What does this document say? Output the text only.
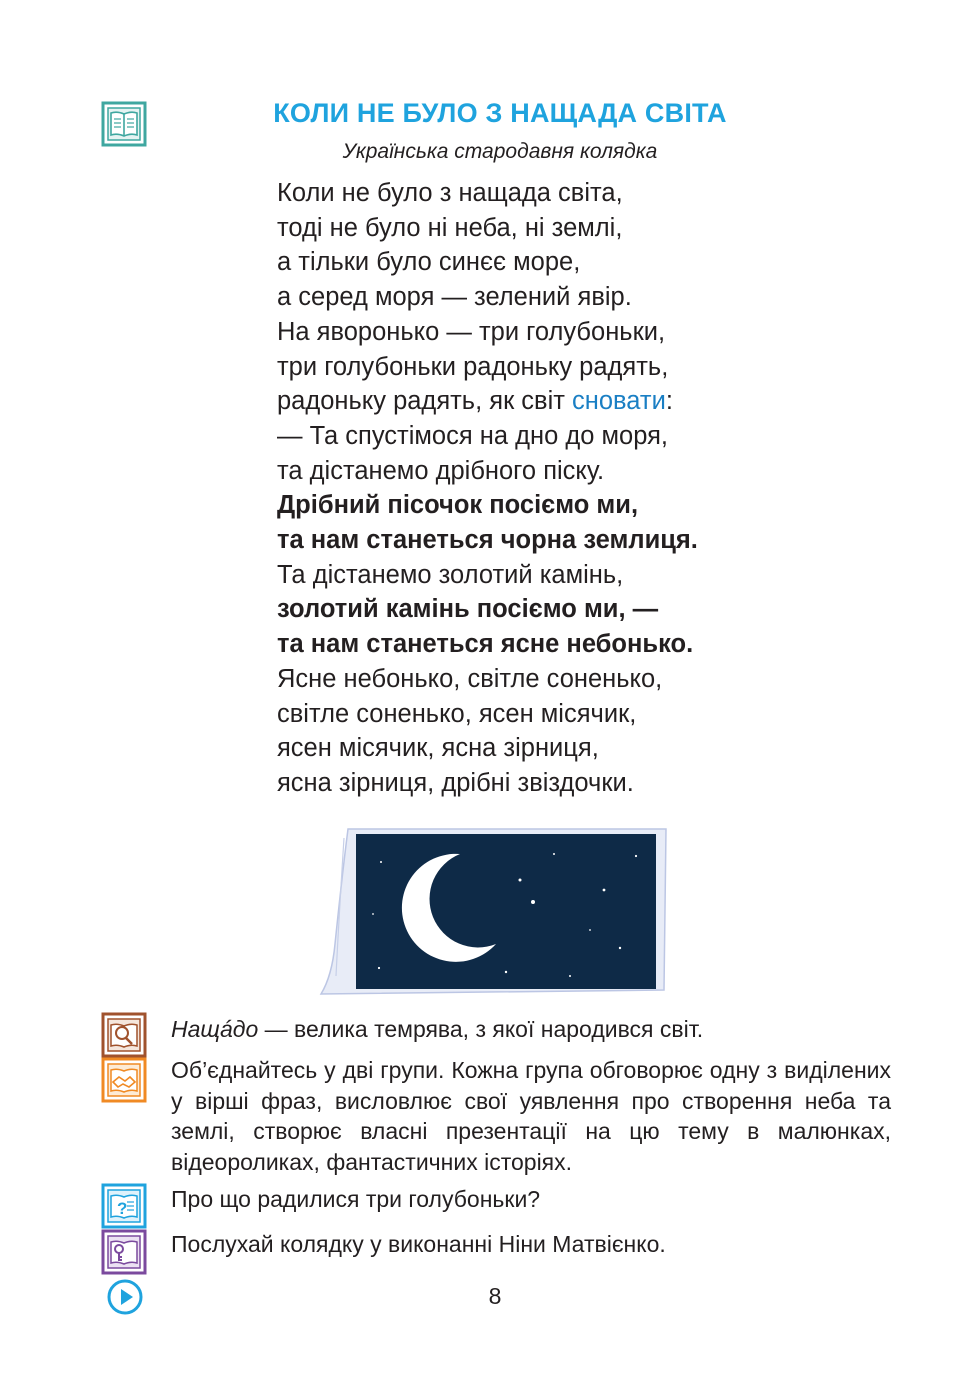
КОЛИ НЕ БУЛО З НАЩАДА СВІТА
Українська стародавня колядка
Коли не було з нащада світа,
тоді не було ні неба, ні землі,
а тільки було синєє море,
а серед моря — зелений явір.
На яворонько — три голубоньки,
три голубоньки радоньку радять,
радоньку радять, як світ сновати:
— Та спустімося на дно до моря,
та дістанемо дрібного піску.
Дрібний пісочок посіємо ми,
та нам станеться чорна землиця.
Та дістанемо золотий камінь,
золотий камінь посіємо ми, —
та нам станеться ясне небонько.
Ясне небонько, світле соненько,
світле соненько, ясен місячик,
ясен місячик, ясна зірниця,
ясна зірниця, дрібні звіздочки.
Нащáдо — велика темрява, з якої народився світ.
Об’єднайтесь у дві групи. Кожна група обговорює одну з виділених у вірші фраз, висловлює свої уявлення про створення неба та землі, створює власні презентації на цю тему в малюнках, відеороликах, фантастичних історіях.
? Про що радилися три голубоньки?
Послухай колядку у виконанні Ніни Матвієнко.
8
